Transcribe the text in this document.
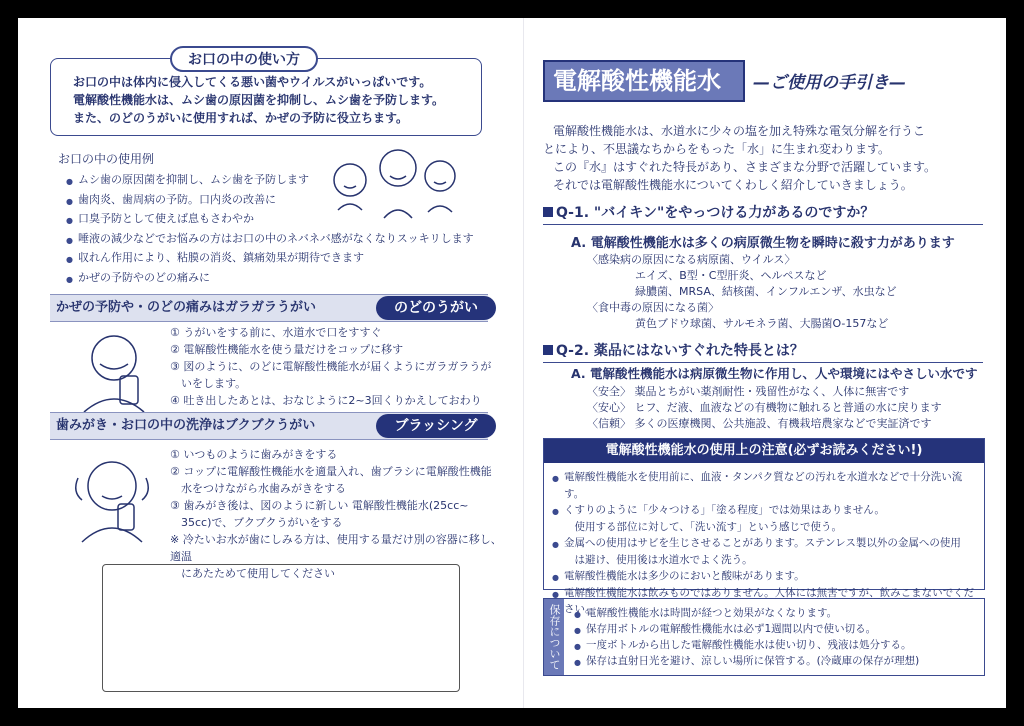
お口の中の使い方
お口の中は体内に侵入してくる悪い菌やウイルスがいっぱいです。
電解酸性機能水は、ムシ歯の原因菌を抑制し、ムシ歯を予防します。
また、のどのうがいに使用すれば、かぜの予防に役立ちます。
お口の中の使用例
● ムシ歯の原因菌を抑制し、ムシ歯を予防します
● 歯肉炎、歯周病の予防。口内炎の改善に
● 口臭予防として使えば息もさわやか
● 唾液の減少などでお悩みの方はお口の中のネバネバ感がなくなりスッキリします
● 収れん作用により、粘膜の消炎、鎮痛効果が期待できます
● かぜの予防やのどの痛みに
かぜの予防や・のどの痛みはガラガラうがい	のどのうがい
① うがいをする前に、水道水で口をすすぐ
② 電解酸性機能水を使う量だけをコップに移す
③ 図のように、のどに電解酸性機能水が届くようにガラガラうが
　いをします。
④ 吐き出したあとは、おなじように2~3回くりかえしておわり
歯みがき・お口の中の洗浄はブクブクうがい	ブラッシング
① いつものように歯みがきをする
② コップに電解酸性機能水を適量入れ、歯ブラシに電解酸性機能
　水をつけながら水歯みがきをする
③ 歯みがき後は、図のように新しい 電解酸性機能水(25cc~
　35cc)で、ブクブクうがいをする
※ 冷たいお水が歯にしみる方は、使用する量だけ別の容器に移し、適温
　にあたためて使用してください
電解酸性機能水	—ご使用の手引き—
電解酸性機能水は、水道水に少々の塩を加え特殊な電気分解を行うこ
とにより、不思議なちからをもった「水」に生まれ変わります。
この『水』はすぐれた特長があり、さまざまな分野で活躍しています。
それでは電解酸性機能水についてくわしく紹介していきましょう。
Q-1. "バイキン"をやっつける力があるのですか？
A. 電解酸性機能水は多くの病原微生物を瞬時に殺す力があります
〈感染病の原因になる病原菌、ウイルス〉
エイズ、B型・C型肝炎、ヘルペスなど
緑膿菌、MRSA、結核菌、インフルエンザ、水虫など
〈食中毒の原因になる菌〉
黄色ブドウ球菌、サルモネラ菌、大腸菌O-157など
Q-2. 薬品にはないすぐれた特長とは？
A. 電解酸性機能水は病原微生物に作用し、人や環境にはやさしい水です
〈安全〉 薬品とちがい薬剤耐性・残留性がなく、人体に無害です
〈安心〉 ヒフ、だ液、血液などの有機物に触れると普通の水に戻ります
〈信頼〉 多くの医療機関、公共施設、有機栽培農家などで実証済です
電解酸性機能水の使用上の注意(必ずお読みください!)
● 電解酸性機能水を使用前に、血液・タンパク質などの汚れを水道水などで十分洗い流す。
● くすりのように「少々つける」「塗る程度」では効果はありません。
　使用する部位に対して、「洗い流す」という感じで使う。
● 金属への使用はサビを生じさせることがあります。ステンレス製以外の金属への使用
　は避け、使用後は水道水でよく洗う。
● 電解酸性機能水は多少のにおいと酸味があります。
● 電解酸性機能水は飲みものではありません。人体には無害ですが、飲みこまないでください。
保存について
●	電解酸性機能水は時間が経つと効果がなくなります。
● 保存用ボトルの電解酸性機能水は必ず1週間以内で使い切る。
● 一度ボトルから出した電解酸性機能水は使い切り、残液は処分する。
● 保存は直射日光を避け、涼しい場所に保管する。(冷蔵庫の保存が理想)
